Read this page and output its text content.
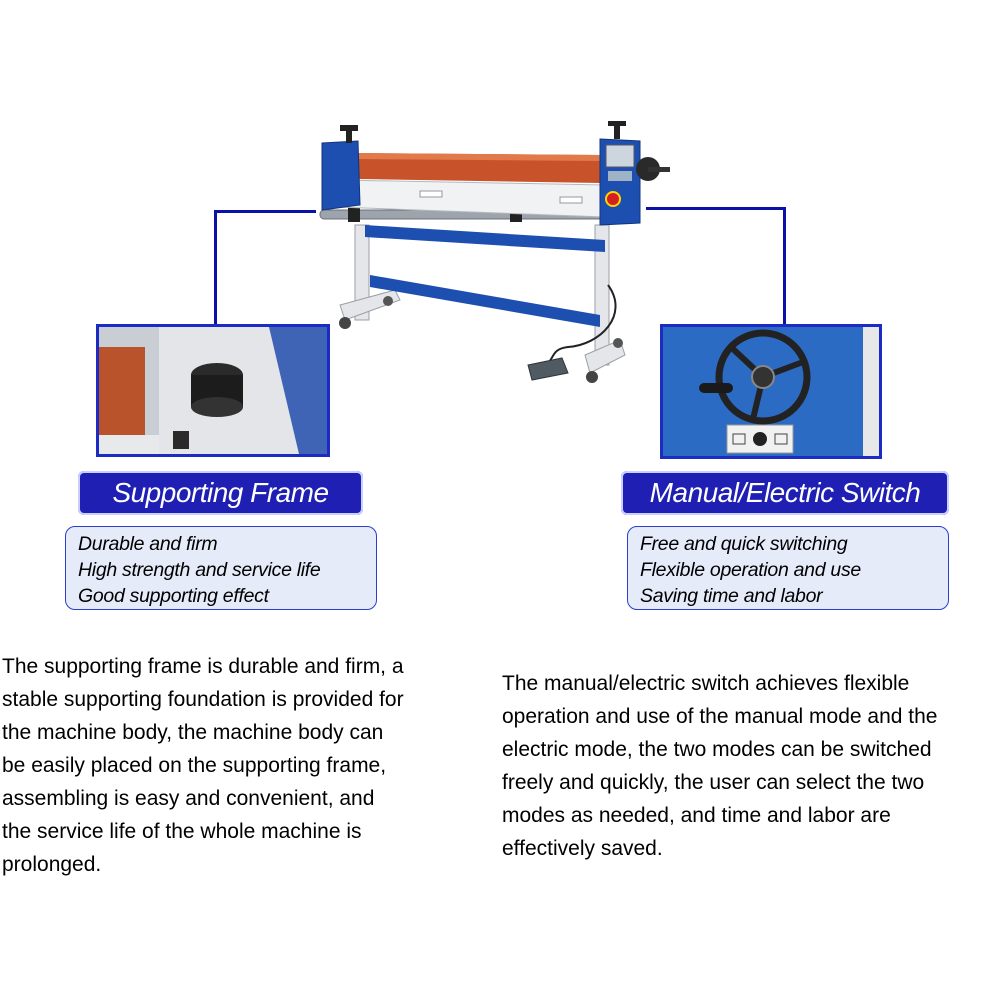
Supporting Frame	Manual/Electric Switch
Durable and firm
High strength and service life
Good supporting effect
Free and quick switching
Flexible operation and use
Saving time and labor
The supporting frame is durable and firm, a
stable supporting foundation is provided for
the machine body, the machine body can
be easily placed on the supporting frame,
assembling is easy and convenient, and
the service life of the whole machine is
prolonged.
The manual/electric switch achieves flexible
operation and use of the manual mode and the
electric mode, the two modes can be switched
freely and quickly, the user can select the two
modes as needed, and time and labor are
effectively saved.
